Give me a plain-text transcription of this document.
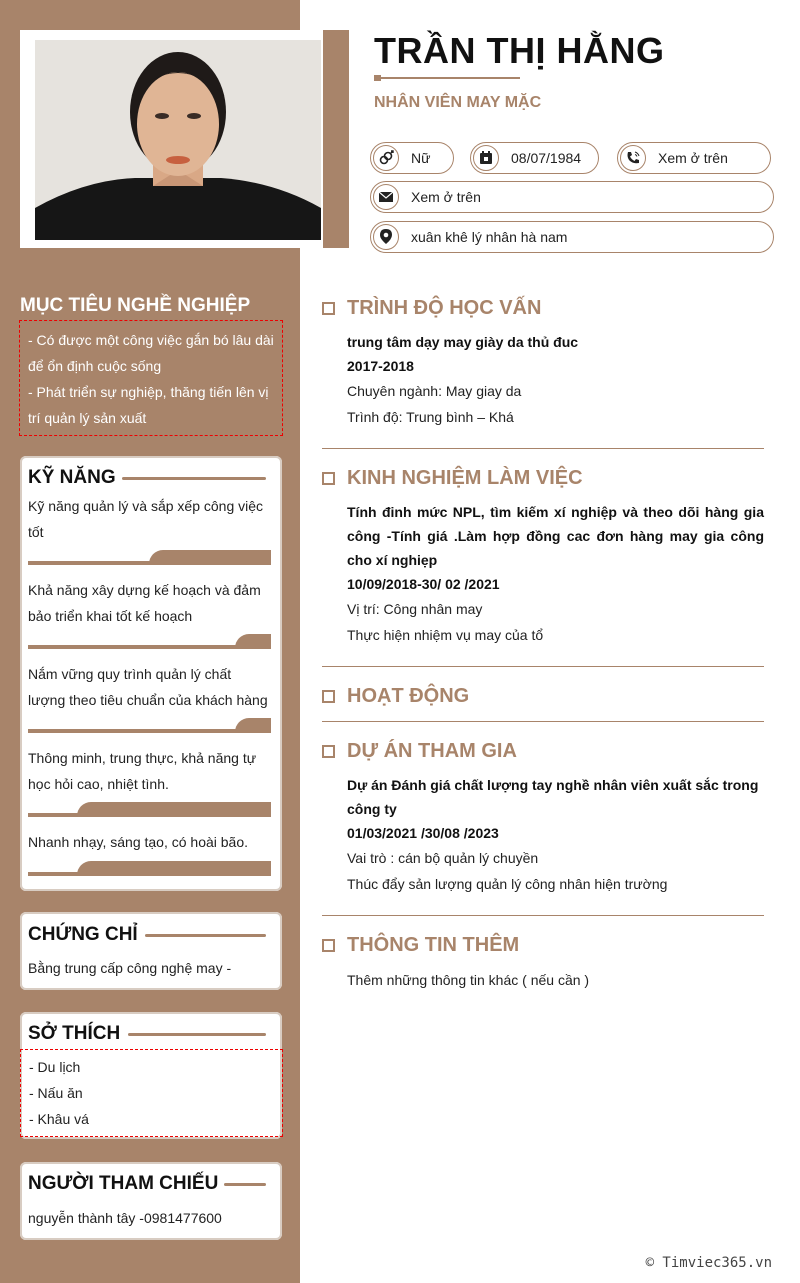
TRẦN THỊ HẰNG
NHÂN VIÊN MAY MẶC
Nữ	08/07/1984	Xem ở trên
Xem ở trên
xuân khê lý nhân hà nam
MỤC TIÊU NGHỀ NGHIỆP
- Có được một công việc gắn bó lâu dài để ổn định cuộc sống
- Phát triển sự nghiệp, thăng tiến lên vị trí quản lý sản xuất
KỸ NĂNG
Kỹ năng quản lý và sắp xếp công việc tốt
Khả năng xây dựng kế hoạch và đảm bảo triển khai tốt kế hoạch
Nắm vững quy trình quản lý chất lượng theo tiêu chuẩn của khách hàng
Thông minh, trung thực, khả năng tự học hỏi cao, nhiệt tình.
Nhanh nhạy, sáng tạo, có hoài bão.
CHỨNG CHỈ
Bằng trung cấp công nghệ may -
SỞ THÍCH
- Du lịch
- Nấu ăn
- Khâu vá
NGƯỜI THAM CHIẾU
nguyễn thành tây -0981477600
TRÌNH ĐỘ HỌC VẤN
trung tâm dạy may giày da thủ đuc
2017-2018
Chuyên ngành: May giay da
Trình độ: Trung bình – Khá
KINH NGHIỆM LÀM VIỆC
Tính đinh mức NPL, tìm kiếm xí nghiệp và theo dõi hàng gia công -Tính giá .Làm hợp đồng cac đơn hàng may gia công cho xí nghiẹp
10/09/2018-30/ 02 /2021
Vị trí: Công nhân may
Thực hiện nhiệm vụ may của tổ
HOẠT ĐỘNG
DỰ ÁN THAM GIA
Dự án Đánh giá chất lượng tay nghề nhân viên xuất sắc trong công ty
01/03/2021 /30/08 /2023
Vai trò : cán bộ quản lý chuyền
Thúc đẩy sản lượng quản lý công nhân hiện trường
THÔNG TIN THÊM
Thêm những thông tin khác ( nếu cần )
© Timviec365.vn
